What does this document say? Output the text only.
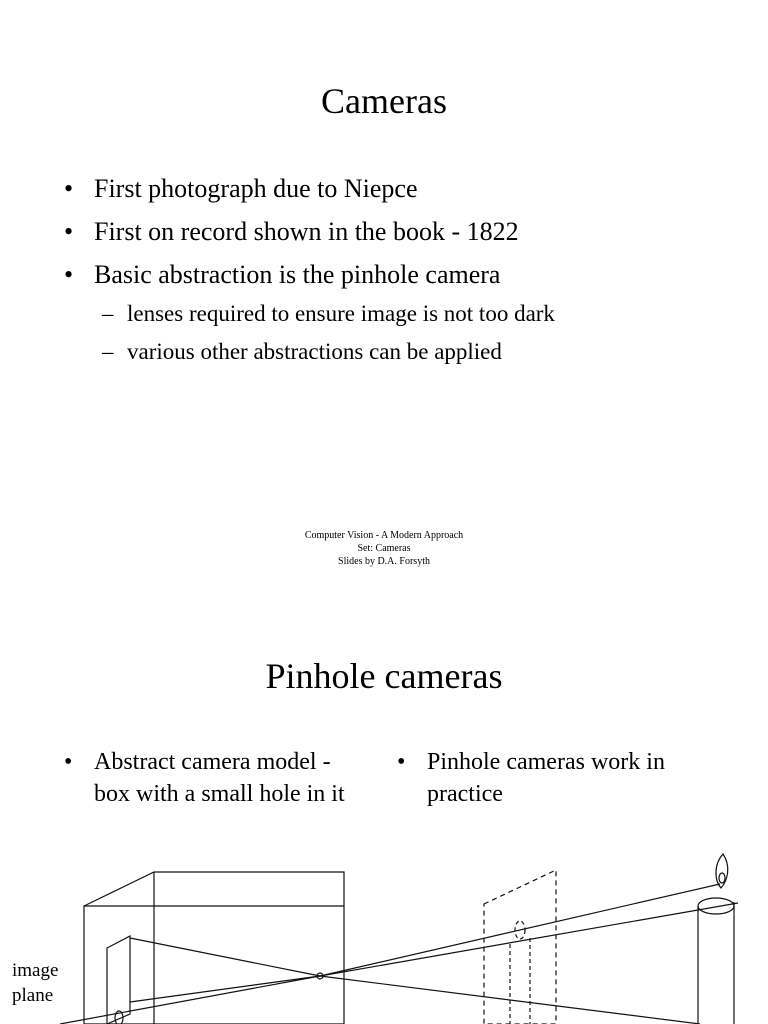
Cameras
• First photograph due to Niepce
• First on record shown in the book - 1822
• Basic abstraction is the pinhole camera
– lenses required to ensure image is not too dark
– various other abstractions can be applied
Computer Vision - A Modern Approach
Set: Cameras
Slides by D.A. Forsyth
Pinhole cameras
• Abstract camera model -
box with a small hole in it
• Pinhole cameras work in
practice
image
plane
